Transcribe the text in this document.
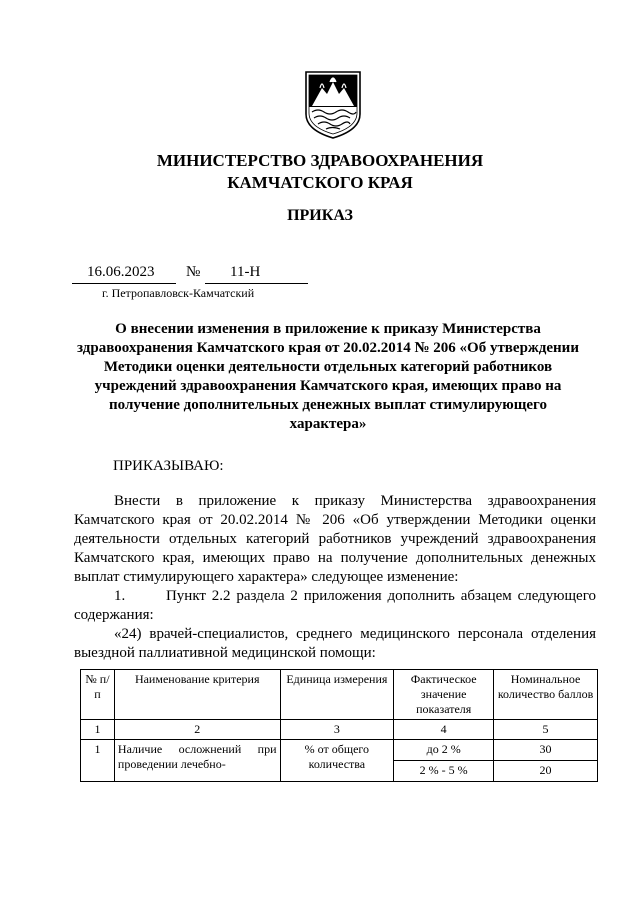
МИНИСТЕРСТВО ЗДРАВООХРАНЕНИЯ
КАМЧАТСКОГО КРАЯ
ПРИКАЗ
16.06.2023 № 11-Н
г. Петропавловск-Камчатский
О внесении изменения в приложение к приказу Министерства
здравоохранения Камчатского края от 20.02.2014 № 206 «Об утверждении
Методики оценки деятельности отдельных категорий работников
учреждений здравоохранения Камчатского края, имеющих право на
получение дополнительных денежных выплат стимулирующего
характера»
ПРИКАЗЫВАЮ:

Внести в приложение к приказу Министерства здравоохранения Камчатского края от 20.02.2014 № 206 «Об утверждении Методики оценки деятельности отдельных категорий работников учреждений здравоохранения Камчатского края, имеющих право на получение дополнительных денежных выплат стимулирующего характера» следующее изменение:

1.	Пункт 2.2 раздела 2 приложения дополнить абзацем следующего содержания:

«24) врачей-специалистов, среднего медицинского персонала отделения выездной паллиативной медицинской помощи:

№ п/п	Наименование критерия	Единица измерения	Фактическое значение показателя	Номинальное количество баллов
1	2	3	4	5
1	Наличие осложнений при проведении лечебно-	% от общего количества	до 2 %	30
			2 % - 5 %	20
